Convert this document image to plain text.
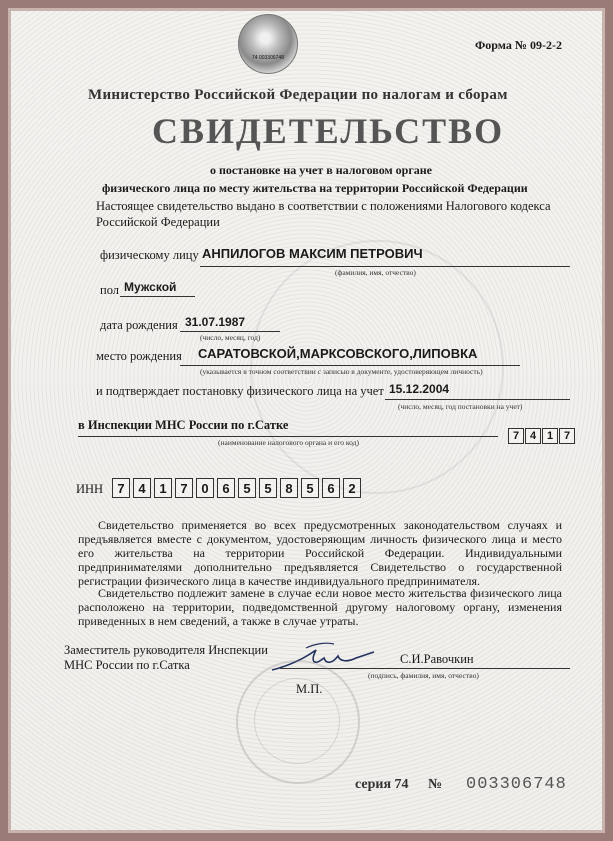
74 003306748
Форма № 09-2-2
Министерство Российской Федерации по налогам и сборам
СВИДЕТЕЛЬСТВО
о постановке на учет в налоговом органе
физического лица по месту жительства на территории Российской Федерации
Настоящее свидетельство выдано в соответствии с положениями Налогового кодекса Российской Федерации
физическому лицу АНПИЛОГОВ МАКСИМ ПЕТРОВИЧ
(фамилия, имя, отчество)
пол Мужской
дата рождения 31.07.1987
(число, месяц, год)
место рождения САРАТОВСКОЙ,МАРКСОВСКОГО,ЛИПОВКА
(указывается в точном соответствии с записью в документе, удостоверяющем личность)
и подтверждает постановку физического лица на учет 15.12.2004
(число, месяц, год постановки на учет)
в Инспекции МНС России по г.Сатке
(наименование налогового органа и его код)
7 4 1 7
ИНН	7 4 1 7 0 6 5 5 8 5 6 2
Свидетельство применяется во всех предусмотренных законодательством случаях и предъявляется вместе с документом, удостоверяющим личность физического лица и место его жительства на территории Российской Федерации. Индивидуальными предпринимателями дополнительно предъявляется Свидетельство о государственной регистрации физического лица в качестве индивидуального предпринимателя.
Свидетельство подлежит замене в случае если новое место жительства физического лица расположено на территории, подведомственной другому налоговому органу, изменения приведенных в нем сведений, а также в случае утраты.
Заместитель руководителя Инспекции
МНС России по г.Сатка	С.И.Равочкин
(подпись, фамилия, имя, отчество)
М.П.
серия 74 № 003306748
